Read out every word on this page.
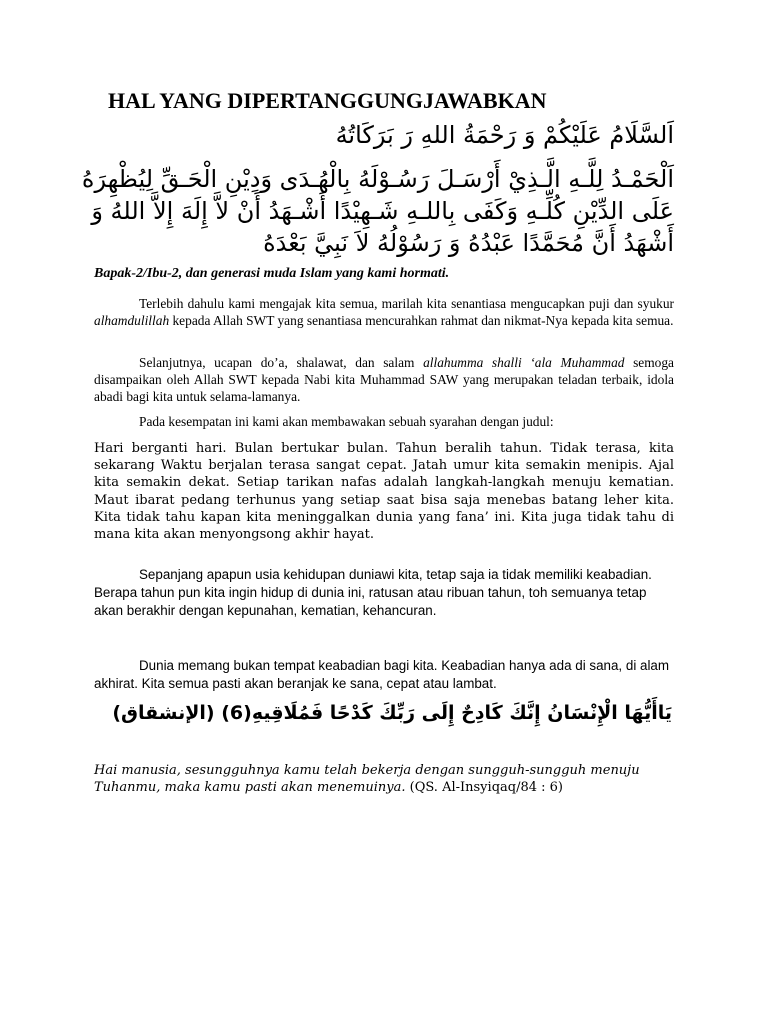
HAL YANG DIPERTANGGUNGJAWABKAN
اَلسَّلَامُ عَلَيْكُمْ وَ رَحْمَةُ اللهِ رَ بَرَكَاتُهُ
اَلْحَمْـدُ لِلَّـهِ الَّـذِيْ أَرْسَـلَ رَسُـوْلَهُ بِالْهُـدَى وَدِيْنِ الْحَـقِّ لِيُظْهِرَهُ عَلَى الدِّيْنِ كُلِّـهِ وَكَفَى بِاللـهِ شَـهِيْدًا أَشْـهَدُ أَنْ لاَّ إِلَهَ إِلاَّ اللهُ وَ أَشْهَدُ أَنَّ مُحَمَّدًا عَبْدُهُ وَ رَسُوْلُهُ لاَ نَبِيَّ بَعْدَهُ
Bapak-2/Ibu-2, dan generasi muda Islam yang kami hormati.

Terlebih dahulu kami mengajak kita semua, marilah kita senantiasa mengucapkan puji dan syukur alhamdulillah kepada Allah SWT yang senantiasa mencurahkan rahmat dan nikmat-Nya kepada kita semua.

Selanjutnya, ucapan do’a, shalawat, dan salam allahumma shalli ‘ala Muhammad semoga disampaikan oleh Allah SWT kepada Nabi kita Muhammad SAW yang merupakan teladan terbaik, idola abadi bagi kita untuk selama-lamanya.

Pada kesempatan ini kami akan membawakan sebuah syarahan dengan judul:

Hari berganti hari. Bulan bertukar bulan. Tahun beralih tahun. Tidak terasa, kita sekarang Waktu berjalan terasa sangat cepat. Jatah umur kita semakin menipis. Ajal kita semakin dekat. Setiap tarikan nafas adalah langkah-langkah menuju kematian. Maut ibarat pedang terhunus yang setiap saat bisa saja menebas batang leher kita. Kita tidak tahu kapan kita meninggalkan dunia yang fana’ ini. Kita juga tidak tahu di mana kita akan menyongsong akhir hayat.

Sepanjang apapun usia kehidupan duniawi kita, tetap saja ia tidak memiliki keabadian. Berapa tahun pun kita ingin hidup di dunia ini, ratusan atau ribuan tahun, toh semuanya tetap akan berakhir dengan kepunahan, kematian, kehancuran.

Dunia memang bukan tempat keabadian bagi kita. Keabadian hanya ada di sana, di alam akhirat. Kita semua pasti akan beranjak ke sana, cepat atau lambat.

يَاأَيُّهَا الْإِنْسَانُ إِنَّكَ كَادِحٌ إِلَى رَبِّكَ كَدْحًا فَمُلَاقِيهِ(6) (الإنشقاق)
Hai manusia, sesungguhnya kamu telah bekerja dengan sungguh-sungguh menuju Tuhanmu, maka kamu pasti akan menemuinya. (QS. Al-Insyiqaq/84 : 6)
